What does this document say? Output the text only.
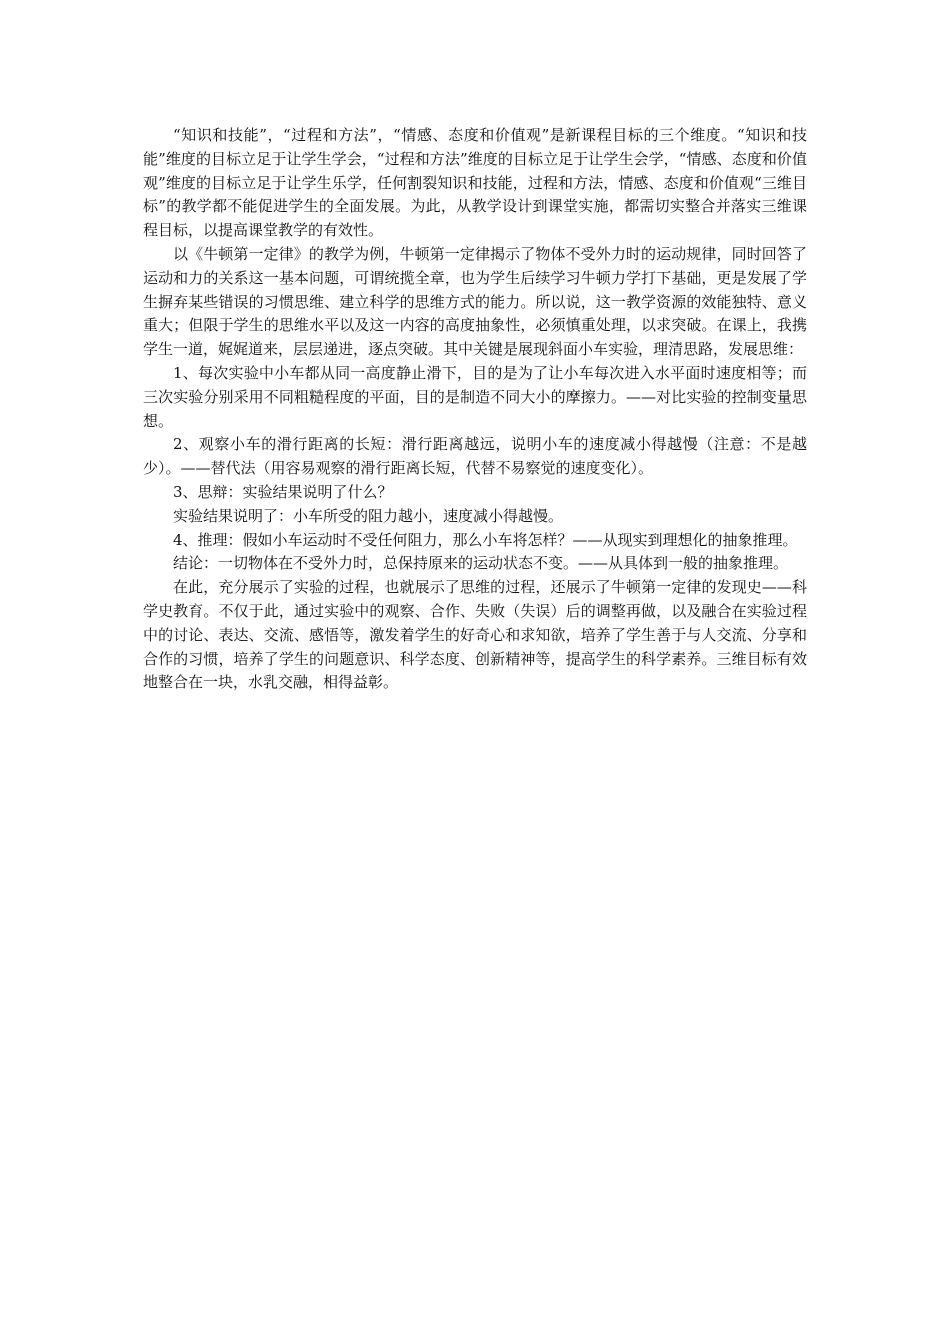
“知识和技能”，“过程和方法”，“情感、态度和价值观”是新课程目标的三个维度。“知识和技能”维度的目标立足于让学生学会，“过程和方法”维度的目标立足于让学生会学，“情感、态度和价值观”维度的目标立足于让学生乐学，任何割裂知识和技能，过程和方法，情感、态度和价值观“三维目标”的教学都不能促进学生的全面发展。为此，从教学设计到课堂实施，都需切实整合并落实三维课程目标，以提高课堂教学的有效性。

以《牛顿第一定律》的教学为例，牛顿第一定律揭示了物体不受外力时的运动规律，同时回答了运动和力的关系这一基本问题，可谓统揽全章，也为学生后续学习牛顿力学打下基础，更是发展了学生摒弃某些错误的习惯思维、建立科学的思维方式的能力。所以说，这一教学资源的效能独特、意义重大；但限于学生的思维水平以及这一内容的高度抽象性，必须慎重处理，以求突破。在课上，我携学生一道，娓娓道来，层层递进，逐点突破。其中关键是展现斜面小车实验，理清思路，发展思维：

1、每次实验中小车都从同一高度静止滑下，目的是为了让小车每次进入水平面时速度相等；而三次实验分别采用不同粗糙程度的平面，目的是制造不同大小的摩擦力。——对比实验的控制变量思想。

2、观察小车的滑行距离的长短：滑行距离越远，说明小车的速度减小得越慢（注意：不是越少）。——替代法（用容易观察的滑行距离长短，代替不易察觉的速度变化）。

3、思辩：实验结果说明了什么？

实验结果说明了：小车所受的阻力越小，速度减小得越慢。

4、推理：假如小车运动时不受任何阻力，那么小车将怎样？——从现实到理想化的抽象推理。

结论：一切物体在不受外力时，总保持原来的运动状态不变。——从具体到一般的抽象推理。

在此，充分展示了实验的过程，也就展示了思维的过程，还展示了牛顿第一定律的发现史——科学史教育。不仅于此，通过实验中的观察、合作、失败（失误）后的调整再做，以及融合在实验过程中的讨论、表达、交流、感悟等，激发着学生的好奇心和求知欲，培养了学生善于与人交流、分享和合作的习惯，培养了学生的问题意识、科学态度、创新精神等，提高学生的科学素养。三维目标有效地整合在一块，水乳交融，相得益彰。
